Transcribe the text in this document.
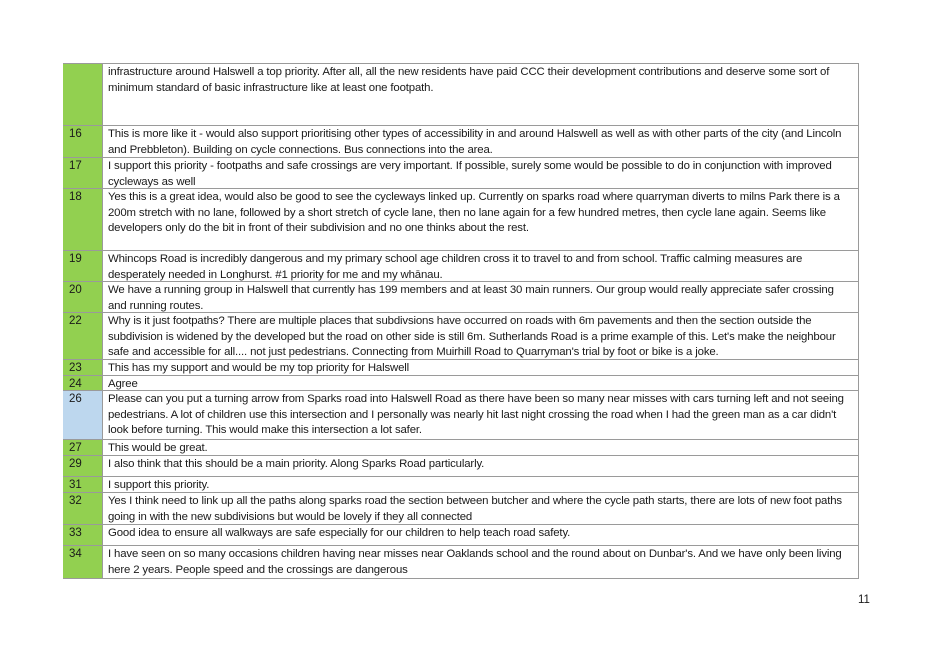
infrastructure around Halswell a top priority. After all, all the new residents have paid CCC their development contributions and deserve some sort of minimum standard of basic infrastructure like at least one footpath.
16	This is more like it - would also support prioritising other types of accessibility in and around Halswell as well as with other parts of the city (and Lincoln and Prebbleton). Building on cycle connections. Bus connections into the area.
17	I support this priority - footpaths and safe crossings are very important. If possible, surely some would be possible to do in conjunction with improved cycleways as well
18	Yes this is a great idea, would also be good to see the cycleways linked up. Currently on sparks road where quarryman diverts to milns Park there is a 200m stretch with no lane, followed by a short stretch of cycle lane, then no lane again for a few hundred metres, then cycle lane again. Seems like developers only do the bit in front of their subdivision and no one thinks about the rest.
19	Whincops Road is incredibly dangerous and my primary school age children cross it to travel to and from school. Traffic calming measures are desperately needed in Longhurst. #1 priority for me and my whānau.
20	We have a running group in Halswell that currently has 199 members and at least 30 main runners. Our group would really appreciate safer crossing and running routes.
22	Why is it just footpaths? There are multiple places that subdivsions have occurred on roads with 6m pavements and then the section outside the subdivision is widened by the developed but the road on other side is still 6m. Sutherlands Road is a prime example of this. Let's make the neighbour safe and accessible for all.... not just pedestrians. Connecting from Muirhill Road to Quarryman's trial by foot or bike is a joke.
23	This has my support and would be my top priority for Halswell
24	Agree
26	Please can you put a turning arrow from Sparks road into Halswell Road as there have been so many near misses with cars turning left and not seeing pedestrians. A lot of children use this intersection and I personally was nearly hit last night crossing the road when I had the green man as a car didn't look before turning. This would make this intersection a lot safer.
27	This would be great.
29	I also think that this should be a main priority. Along Sparks Road particularly.
31	I support this priority.
32	Yes I think need to link up all the paths along sparks road the section between butcher and where the cycle path starts, there are lots of new foot paths going in with the new subdivisions but would be lovely if they all connected
33	Good idea to ensure all walkways are safe especially for our children to help teach road safety.
34	I have seen on so many occasions children having near misses near Oaklands school and the round about on Dunbar's. And we have only been living here 2 years. People speed and the crossings are dangerous
11
